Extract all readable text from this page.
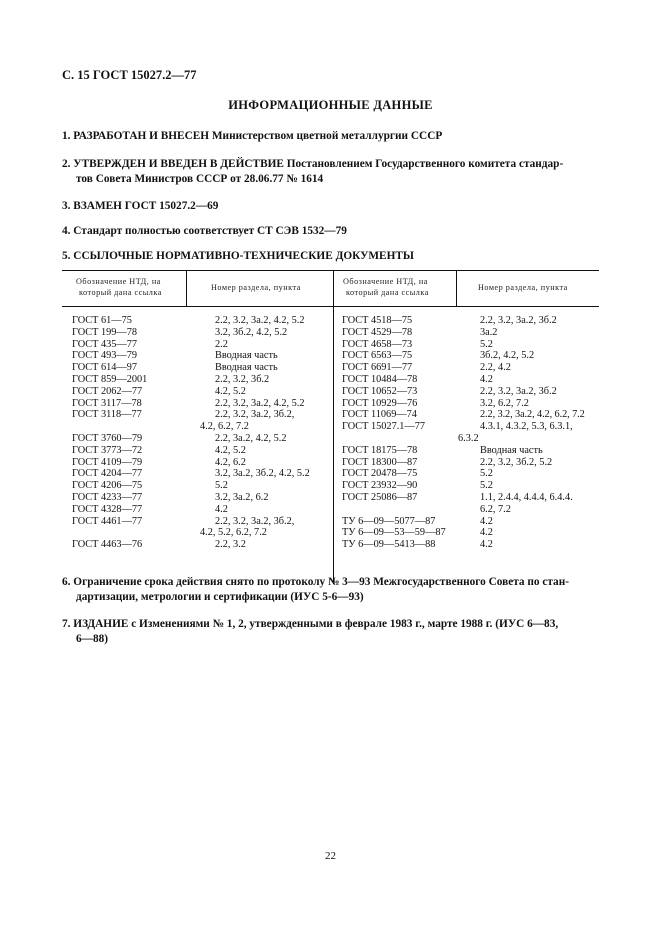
С. 15 ГОСТ 15027.2—77
ИНФОРМАЦИОННЫЕ ДАННЫЕ
1. РАЗРАБОТАН И ВНЕСЕН Министерством цветной металлургии СССР
2. УТВЕРЖДЕН И ВВЕДЕН В ДЕЙСТВИЕ Постановлением Государственного комитета стандар-
тов Совета Министров СССР от 28.06.77 № 1614
3. ВЗАМЕН ГОСТ 15027.2—69
4. Стандарт полностью соответствует СТ СЭВ 1532—79
5. ССЫЛОЧНЫЕ НОРМАТИВНО-ТЕХНИЧЕСКИЕ ДОКУМЕНТЫ
Обозначение НТД, на
который дана ссылка
Номер раздела, пункта
Обозначение НТД, на
который дана ссылка
Номер раздела, пункта
ГОСТ 61—75
ГОСТ 199—78
ГОСТ 435—77
ГОСТ 493—79
ГОСТ 614—97
ГОСТ 859—2001
ГОСТ 2062—77
ГОСТ 3117—78
ГОСТ 3118—77

ГОСТ 3760—79
ГОСТ 3773—72
ГОСТ 4109—79
ГОСТ 4204—77
ГОСТ 4206—75
ГОСТ 4233—77
ГОСТ 4328—77
ГОСТ 4461—77

ГОСТ 4463—76
2.2, 3.2, 3а.2, 4.2, 5.2
3.2, 3б.2, 4.2, 5.2
2.2
Вводная часть
Вводная часть
2.2, 3.2, 3б.2
4.2, 5.2
2.2, 3.2, 3а.2, 4.2, 5.2
2.2, 3.2, 3а.2, 3б.2,
4.2, 6.2, 7.2
2.2, 3а.2, 4.2, 5.2
4.2, 5.2
4.2, 6.2
3.2, 3а.2, 3б.2, 4.2, 5.2
5.2
3.2, 3а.2, 6.2
4.2
2.2, 3.2, 3а.2, 3б.2,
4.2, 5.2, 6.2, 7.2
2.2, 3.2
ГОСТ 4518—75
ГОСТ 4529—78
ГОСТ 4658—73
ГОСТ 6563—75
ГОСТ 6691—77
ГОСТ 10484—78
ГОСТ 10652—73
ГОСТ 10929—76
ГОСТ 11069—74
ГОСТ 15027.1—77

ГОСТ 18175—78
ГОСТ 18300—87
ГОСТ 20478—75
ГОСТ 23932—90
ГОСТ 25086—87

ТУ 6—09—5077—87
ТУ 6—09—53—59—87
ТУ 6—09—5413—88
2.2, 3.2, 3а.2, 3б.2
3а.2
5.2
3б.2, 4.2, 5.2
2.2, 4.2
4.2
2.2, 3.2, 3а.2, 3б.2
3.2, 6.2, 7.2
2.2, 3.2, 3а.2, 4.2, 6.2, 7.2
4.3.1, 4.3.2, 5.3, 6.3.1,
6.3.2
Вводная часть
2.2, 3.2, 3б.2, 5.2
5.2
5.2
1.1, 2.4.4, 4.4.4, 6.4.4.
6.2, 7.2
4.2
4.2
4.2
6. Ограничение срока действия снято по протоколу № 3—93 Межгосударственного Совета по стан-
дартизации, метрологии и сертификации (ИУС 5-6—93)
7. ИЗДАНИЕ с Изменениями № 1, 2, утвержденными в феврале 1983 г., марте 1988 г. (ИУС 6—83,
6—88)
22
